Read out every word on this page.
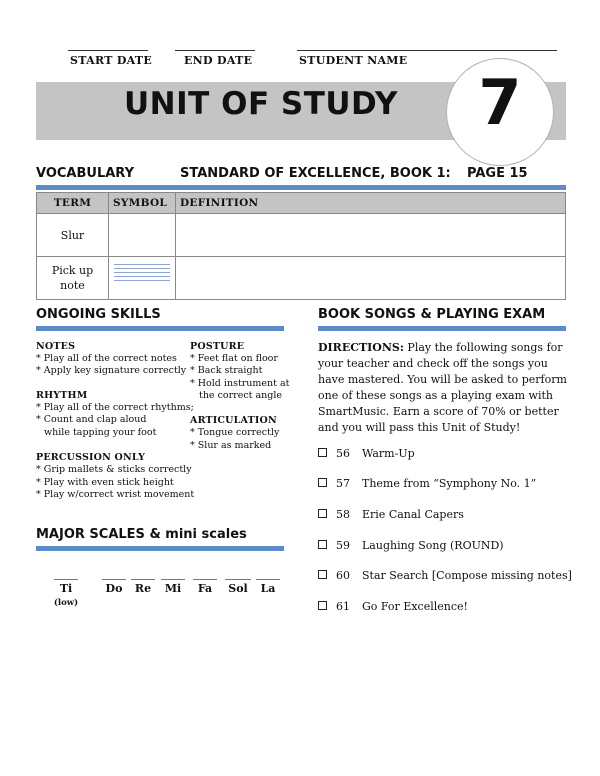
START DATE	END DATE	STUDENT NAME
UNIT OF STUDY	7
VOCABULARY	STANDARD OF EXCELLENCE, BOOK 1: PAGE 15
TERM	SYMBOL	DEFINITION
Slur		
Pick up
note		
ONGOING SKILLS
NOTES
* Play all of the correct notes
* Apply key signature correctly
RHYTHM
* Play all of the correct rhythms;
* Count and clap aloud
while tapping your foot
PERCUSSION ONLY
* Grip mallets & sticks correctly
* Play with even stick height
* Play w/correct wrist movement
POSTURE
* Feet flat on floor
* Back straight
* Hold instrument at
the correct angle
ARTICULATION
* Tongue correctly
* Slur as marked
BOOK SONGS & PLAYING EXAM
DIRECTIONS: Play the following songs for your teacher and check off the songs you have mastered. You will be asked to perform one of these songs as a playing exam with SmartMusic. Earn a score of 70% or better and you will pass this Unit of Study!
56 Warm-Up
57 Theme from “Symphony No. 1”
58 Erie Canal Capers
59 Laughing Song (ROUND)
60 Star Search [Compose missing notes]
61 Go For Excellence!
MAJOR SCALES & mini scales
Ti
(low)
Do	Re	Mi	Fa	Sol	La
